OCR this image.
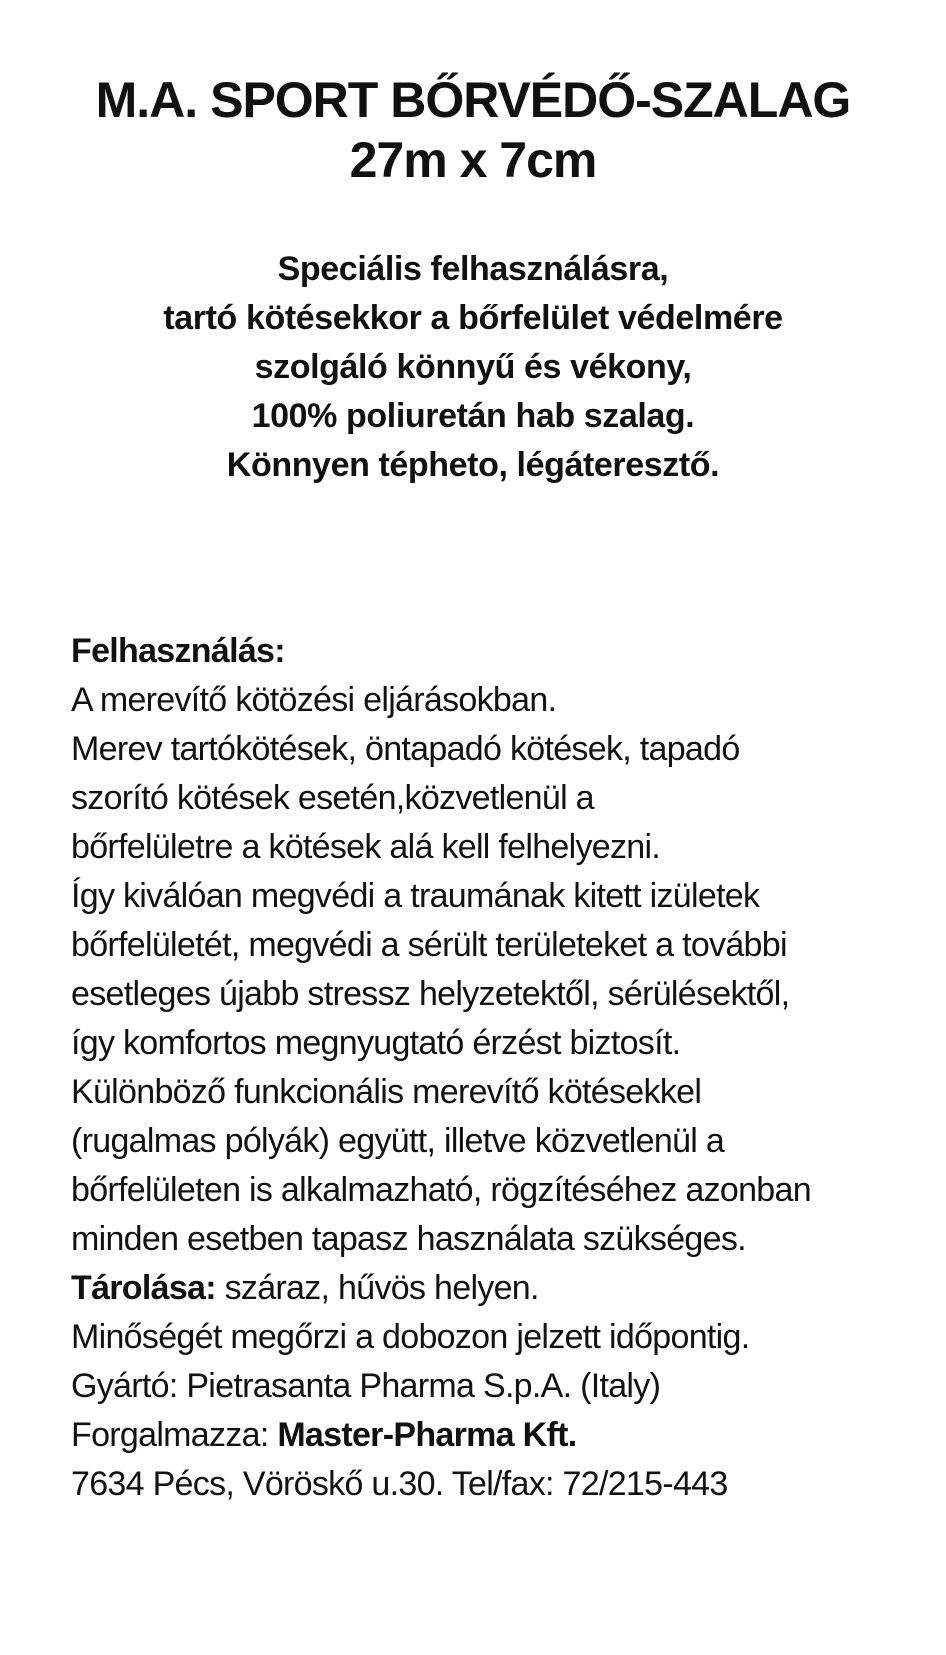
M.A. SPORT BŐRVÉDŐ-SZALAG
27m x 7cm
Speciális felhasználásra,
tartó kötésekkor a bőrfelület védelmére
szolgáló könnyű és vékony,
100% poliuretán hab szalag.
Könnyen tépheto, légáteresztő.
Felhasználás:
A merevítő kötözési eljárásokban.
Merev tartókötések, öntapadó kötések, tapadó
szorító kötések esetén,közvetlenül a
bőrfelületre a kötések alá kell felhelyezni.
Így kiválóan megvédi a traumának kitett izületek
bőrfelületét, megvédi a sérült területeket a további
esetleges újabb stressz helyzetektől, sérülésektől,
így komfortos megnyugtató érzést biztosít.
Különböző funkcionális merevítő kötésekkel
(rugalmas pólyák) együtt, illetve közvetlenül a
bőrfelületen is alkalmazható, rögzítéséhez azonban
minden esetben tapasz használata szükséges.
Tárolása: száraz, hűvös helyen.
Minőségét megőrzi a dobozon jelzett időpontig.
Gyártó: Pietrasanta Pharma S.p.A. (Italy)
Forgalmazza: Master-Pharma Kft.
7634 Pécs, Vöröskő u.30. Tel/fax: 72/215-443
